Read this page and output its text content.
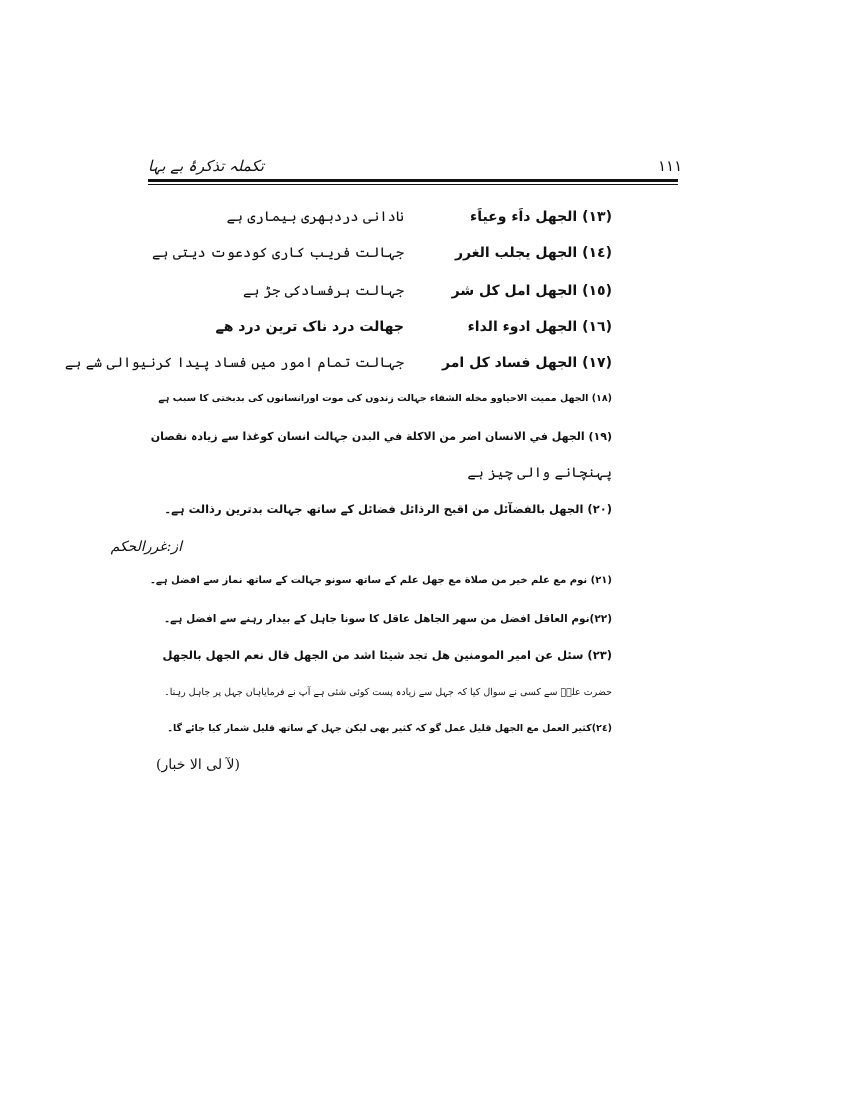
١١١
تکملہ تذکرۂ بے بہا
(١٣) الجهل داَء وعياَء
نادانی دردبھری بیماری ہے
(١٤) الجهل يجلب الغرر
جہالت فریب کاری کودعوت دیتی ہے
(١٥) الجهل امل كل شر
جہالت ہرفسادکی جڑ ہے
(١٦) الجهل ادوء الداء
جهالت درد ناک ترین درد هے
(١٧) الجهل فساد كل امر
جہالت تمام امور میں فساد پیدا کرنیوالی شے ہے
(١٨) الجهل مميت الاحياوو مخله الشفاء جہالت زندوں کی موت اورانسانوں کی بدبختی کا سبب ہے
(١٩) الجهل في الانسان اضر من الاكلة في البدن جہالت انسان کوغذا سے زیادہ نقصان
پہنچانے والی چیز ہے
(٢٠) الجهل بالفضآئل من اقبح الرذائل فضائل کے ساتھ جہالت بدترین رذالت ہے۔
از:غررالحکم
(٢١) نوم مع علم خير من صلاة مع جهل علم کے ساتھ سونو جہالت کے ساتھ نماز سے افضل ہے۔
(٢٢)نوم العاقل افضل من سهر الجاهل عاقل کا سونا جاہل کے بیدار رہنے سے افضل ہے۔
(٢٣) سئل عن امير المومنين هل تجد شيئا اشد من الجهل قال نعم الجهل بالجهل
حضرت علیؑ سے کسی نے سوال کیا کہ جہل سے زیادہ پست کوئی شئی ہے آپ نے فرمایاہاں جہل پر جاہل رہنا۔
(٢٤)كثير العمل مع الجهل قليل عمل گو کہ کثیر بھی لیکن جہل کے ساتھ قلیل شمار کیا جائے گا۔
(لآ لی الا خبار)
